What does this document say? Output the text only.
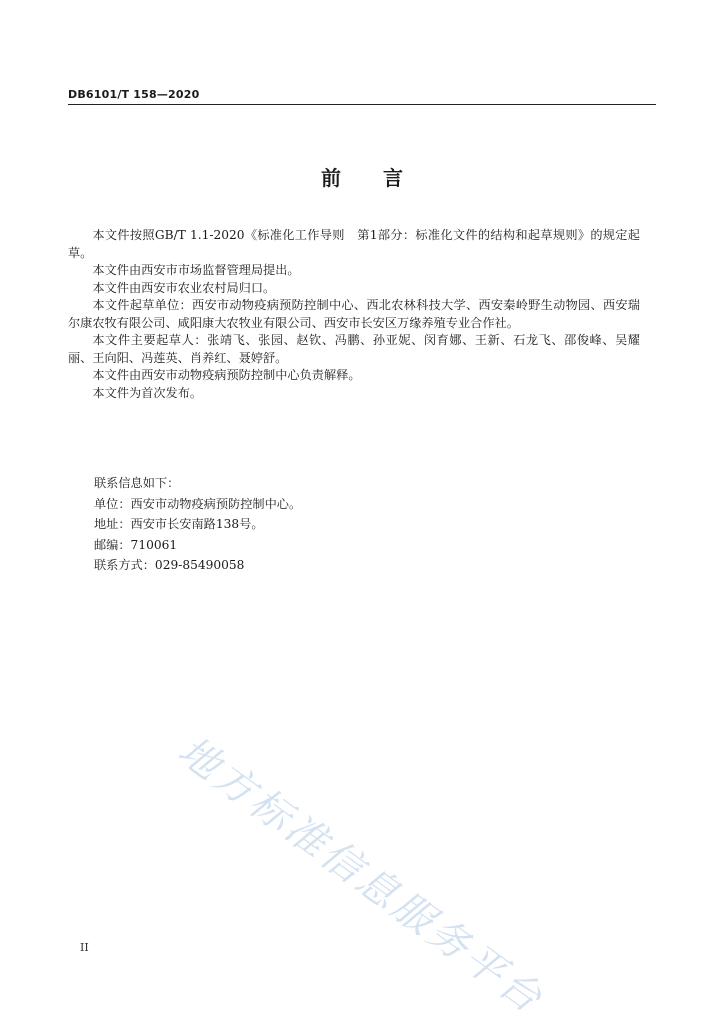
DB6101/T 158—2020
前言

本文件按照GB/T 1.1-2020《标准化工作导则　第1部分：标准化文件的结构和起草规则》的规定起草。

本文件由西安市市场监督管理局提出。

本文件由西安市农业农村局归口。

本文件起草单位：西安市动物疫病预防控制中心、西北农林科技大学、西安秦岭野生动物园、西安瑞尔康农牧有限公司、咸阳康大农牧业有限公司、西安市长安区万缘养殖专业合作社。

本文件主要起草人：张靖飞、张园、赵钦、冯鹏、孙亚妮、闵育娜、王新、石龙飞、邵俊峰、吴耀丽、王向阳、冯莲英、肖养红、聂婷舒。

本文件由西安市动物疫病预防控制中心负责解释。

本文件为首次发布。

联系信息如下：
单位：西安市动物疫病预防控制中心。
地址：西安市长安南路138号。
邮编：710061
联系方式：029-85490058
地方标准信息服务平台
II
